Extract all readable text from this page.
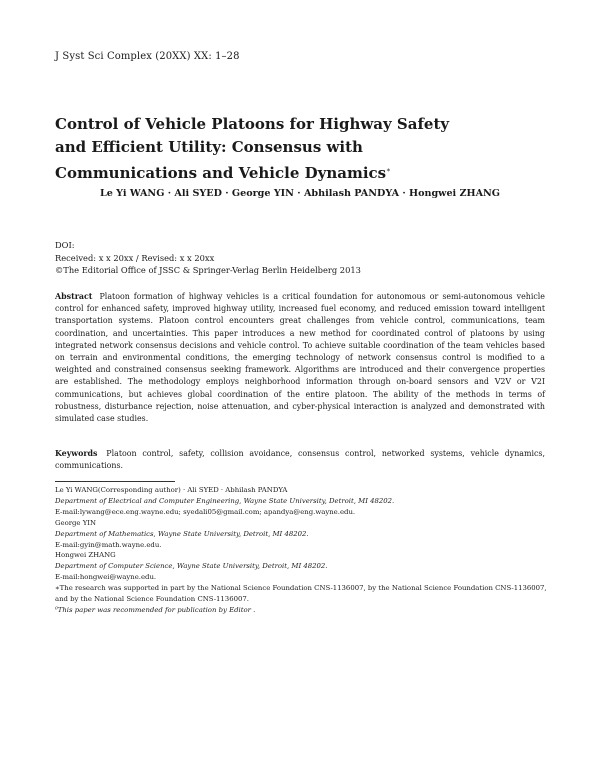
J Syst Sci Complex (20XX) XX: 1–28
Control of Vehicle Platoons for Highway Safety and Efficient Utility: Consensus with Communications and Vehicle Dynamics∗
Le Yi WANG · Ali SYED · George YIN · Abhilash PANDYA · Hongwei ZHANG
DOI:
Received: x x 20xx / Revised: x x 20xx
©The Editorial Office of JSSC & Springer-Verlag Berlin Heidelberg 2013

Abstract Platoon formation of highway vehicles is a critical foundation for autonomous or semi-autonomous vehicle control for enhanced safety, improved highway utility, increased fuel economy, and reduced emission toward intelligent transportation systems. Platoon control encounters great challenges from vehicle control, communications, team coordination, and uncertainties. This paper introduces a new method for coordinated control of platoons by using integrated network consensus decisions and vehicle control. To achieve suitable coordination of the team vehicles based on terrain and environmental conditions, the emerging technology of network consensus control is modified to a weighted and constrained consensus seeking framework. Algorithms are introduced and their convergence properties are established. The methodology employs neighborhood information through on-board sensors and V2V or V2I communications, but achieves global coordination of the entire platoon. The ability of the methods in terms of robustness, disturbance rejection, noise attenuation, and cyber-physical interaction is analyzed and demonstrated with simulated case studies.

Keywords Platoon control, safety, collision avoidance, consensus control, networked systems, vehicle dynamics, communications.

Le Yi WANG(Corresponding author) · Ali SYED · Abhilash PANDYA
Department of Electrical and Computer Engineering, Wayne State University, Detroit, MI 48202.
E-mail:lywang@ece.eng.wayne.edu; syedali05@gmail.com; apandya@eng.wayne.edu.
George YIN
Department of Mathematics, Wayne State University, Detroit, MI 48202.
E-mail:gyin@math.wayne.edu.
Hongwei ZHANG
Department of Computer Science, Wayne State University, Detroit, MI 48202.
E-mail:hongwei@wayne.edu.
∗The research was supported in part by the National Science Foundation CNS-1136007, by the National Science Foundation CNS-1136007, and by the National Science Foundation CNS-1136007.
⁰This paper was recommended for publication by Editor .
